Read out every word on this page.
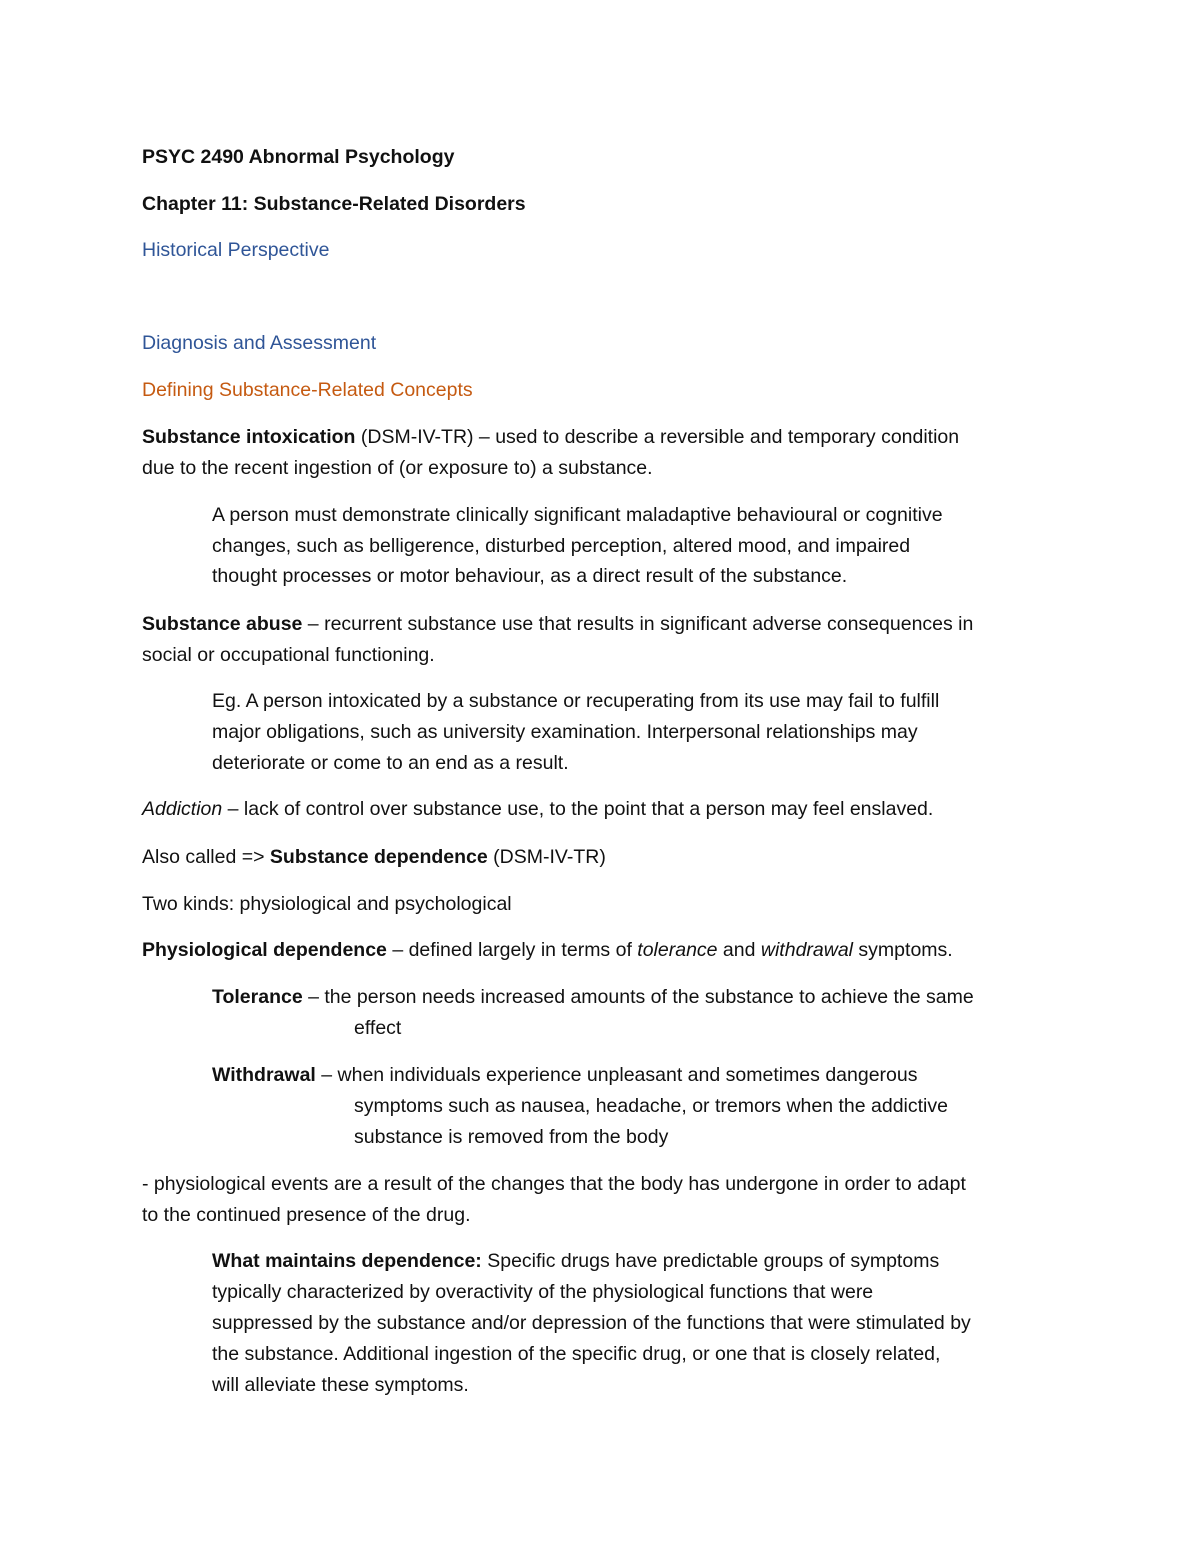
PSYC 2490 Abnormal Psychology
Chapter 11: Substance-Related Disorders
Historical Perspective
Diagnosis and Assessment
Defining Substance-Related Concepts
Substance intoxication (DSM-IV-TR) – used to describe a reversible and temporary condition
due to the recent ingestion of (or exposure to) a substance.
A person must demonstrate clinically significant maladaptive behavioural or cognitive
changes, such as belligerence, disturbed perception, altered mood, and impaired
thought processes or motor behaviour, as a direct result of the substance.
Substance abuse – recurrent substance use that results in significant adverse consequences in
social or occupational functioning.
Eg. A person intoxicated by a substance or recuperating from its use may fail to fulfill
major obligations, such as university examination. Interpersonal relationships may
deteriorate or come to an end as a result.
Addiction – lack of control over substance use, to the point that a person may feel enslaved.
Also called => Substance dependence (DSM-IV-TR)
Two kinds: physiological and psychological
Physiological dependence – defined largely in terms of tolerance and withdrawal symptoms.
Tolerance – the person needs increased amounts of the substance to achieve the same
effect
Withdrawal – when individuals experience unpleasant and sometimes dangerous
symptoms such as nausea, headache, or tremors when the addictive
substance is removed from the body
- physiological events are a result of the changes that the body has undergone in order to adapt
to the continued presence of the drug.
What maintains dependence: Specific drugs have predictable groups of symptoms
typically characterized by overactivity of the physiological functions that were
suppressed by the substance and/or depression of the functions that were stimulated by
the substance. Additional ingestion of the specific drug, or one that is closely related,
will alleviate these symptoms.
